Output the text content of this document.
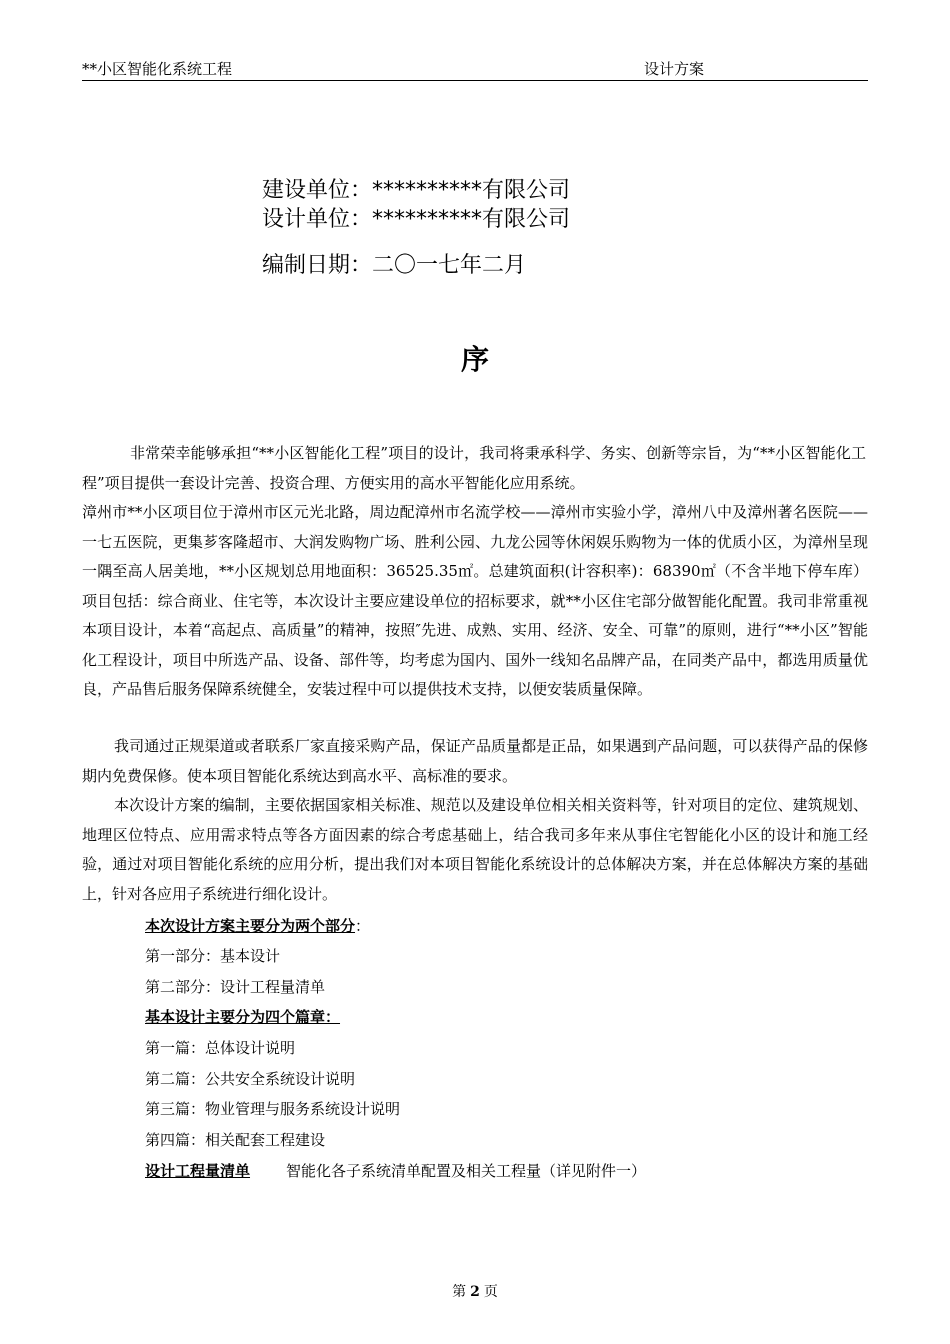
**小区智能化系统工程	设计方案
建设单位：**********有限公司
设计单位：**********有限公司
编制日期：二〇一七年二月
序

非常荣幸能够承担“**小区智能化工程”项目的设计，我司将秉承科学、务实、创新等宗旨，为“**小区智能化工程”项目提供一套设计完善、投资合理、方便实用的高水平智能化应用系统。

漳州市**小区项目位于漳州市区元光北路，周边配漳州市名流学校——漳州市实验小学，漳州八中及漳州著名医院——一七五医院，更集芗客隆超市、大润发购物广场、胜利公园、九龙公园等休闲娱乐购物为一体的优质小区，为漳州呈现一隅至高人居美地，**小区规划总用地面积：36525.35㎡。总建筑面积(计容积率)：68390㎡（不含半地下停车库）项目包括：综合商业、住宅等，本次设计主要应建设单位的招标要求，就**小区住宅部分做智能化配置。我司非常重视本项目设计，本着“高起点、高质量”的精神，按照″先进、成熟、实用、经济、安全、可靠”的原则，进行“**小区”智能化工程设计，项目中所选产品、设备、部件等，均考虑为国内、国外一线知名品牌产品，在同类产品中，都选用质量优良，产品售后服务保障系统健全，安装过程中可以提供技术支持，以便安装质量保障。

我司通过正规渠道或者联系厂家直接采购产品，保证产品质量都是正品，如果遇到产品问题，可以获得产品的保修期内免费保修。使本项目智能化系统达到高水平、高标准的要求。

本次设计方案的编制，主要依据国家相关标准、规范以及建设单位相关相关资料等，针对项目的定位、建筑规划、地理区位特点、应用需求特点等各方面因素的综合考虑基础上，结合我司多年来从事住宅智能化小区的设计和施工经验，通过对项目智能化系统的应用分析，提出我们对本项目智能化系统设计的总体解决方案，并在总体解决方案的基础上，针对各应用子系统进行细化设计。

本次设计方案主要分为两个部分：
第一部分：基本设计
第二部分：设计工程量清单
基本设计主要分为四个篇章：
第一篇：总体设计说明
第二篇：公共安全系统设计说明
第三篇：物业管理与服务系统设计说明
第四篇：相关配套工程建设
设计工程量清单 智能化各子系统清单配置及相关工程量（详见附件一）
第 2 页
